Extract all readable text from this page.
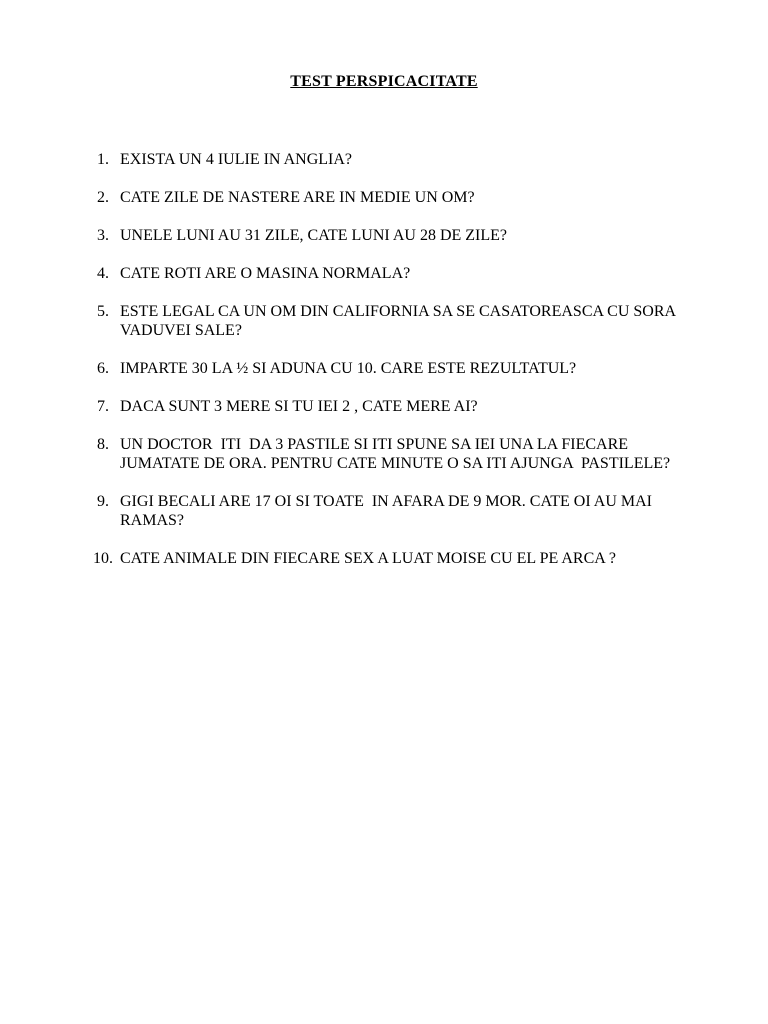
TEST PERSPICACITATE
1. EXISTA UN 4 IULIE IN ANGLIA?
2. CATE ZILE DE NASTERE ARE IN MEDIE UN OM?
3. UNELE LUNI AU 31 ZILE, CATE LUNI AU 28 DE ZILE?
4. CATE ROTI ARE O MASINA NORMALA?
5. ESTE LEGAL CA UN OM DIN CALIFORNIA SA SE CASATOREASCA CU SORA VADUVEI SALE?
6. IMPARTE 30 LA ½ SI ADUNA CU 10. CARE ESTE REZULTATUL?
7. DACA SUNT 3 MERE SI TU IEI 2 , CATE MERE AI?
8. UN DOCTOR  ITI  DA 3 PASTILE SI ITI SPUNE SA IEI UNA LA FIECARE JUMATATE DE ORA. PENTRU CATE MINUTE O SA ITI AJUNGA  PASTILELE?
9. GIGI BECALI ARE 17 OI SI TOATE  IN AFARA DE 9 MOR. CATE OI AU MAI RAMAS?
10. CATE ANIMALE DIN FIECARE SEX A LUAT MOISE CU EL PE ARCA ?
